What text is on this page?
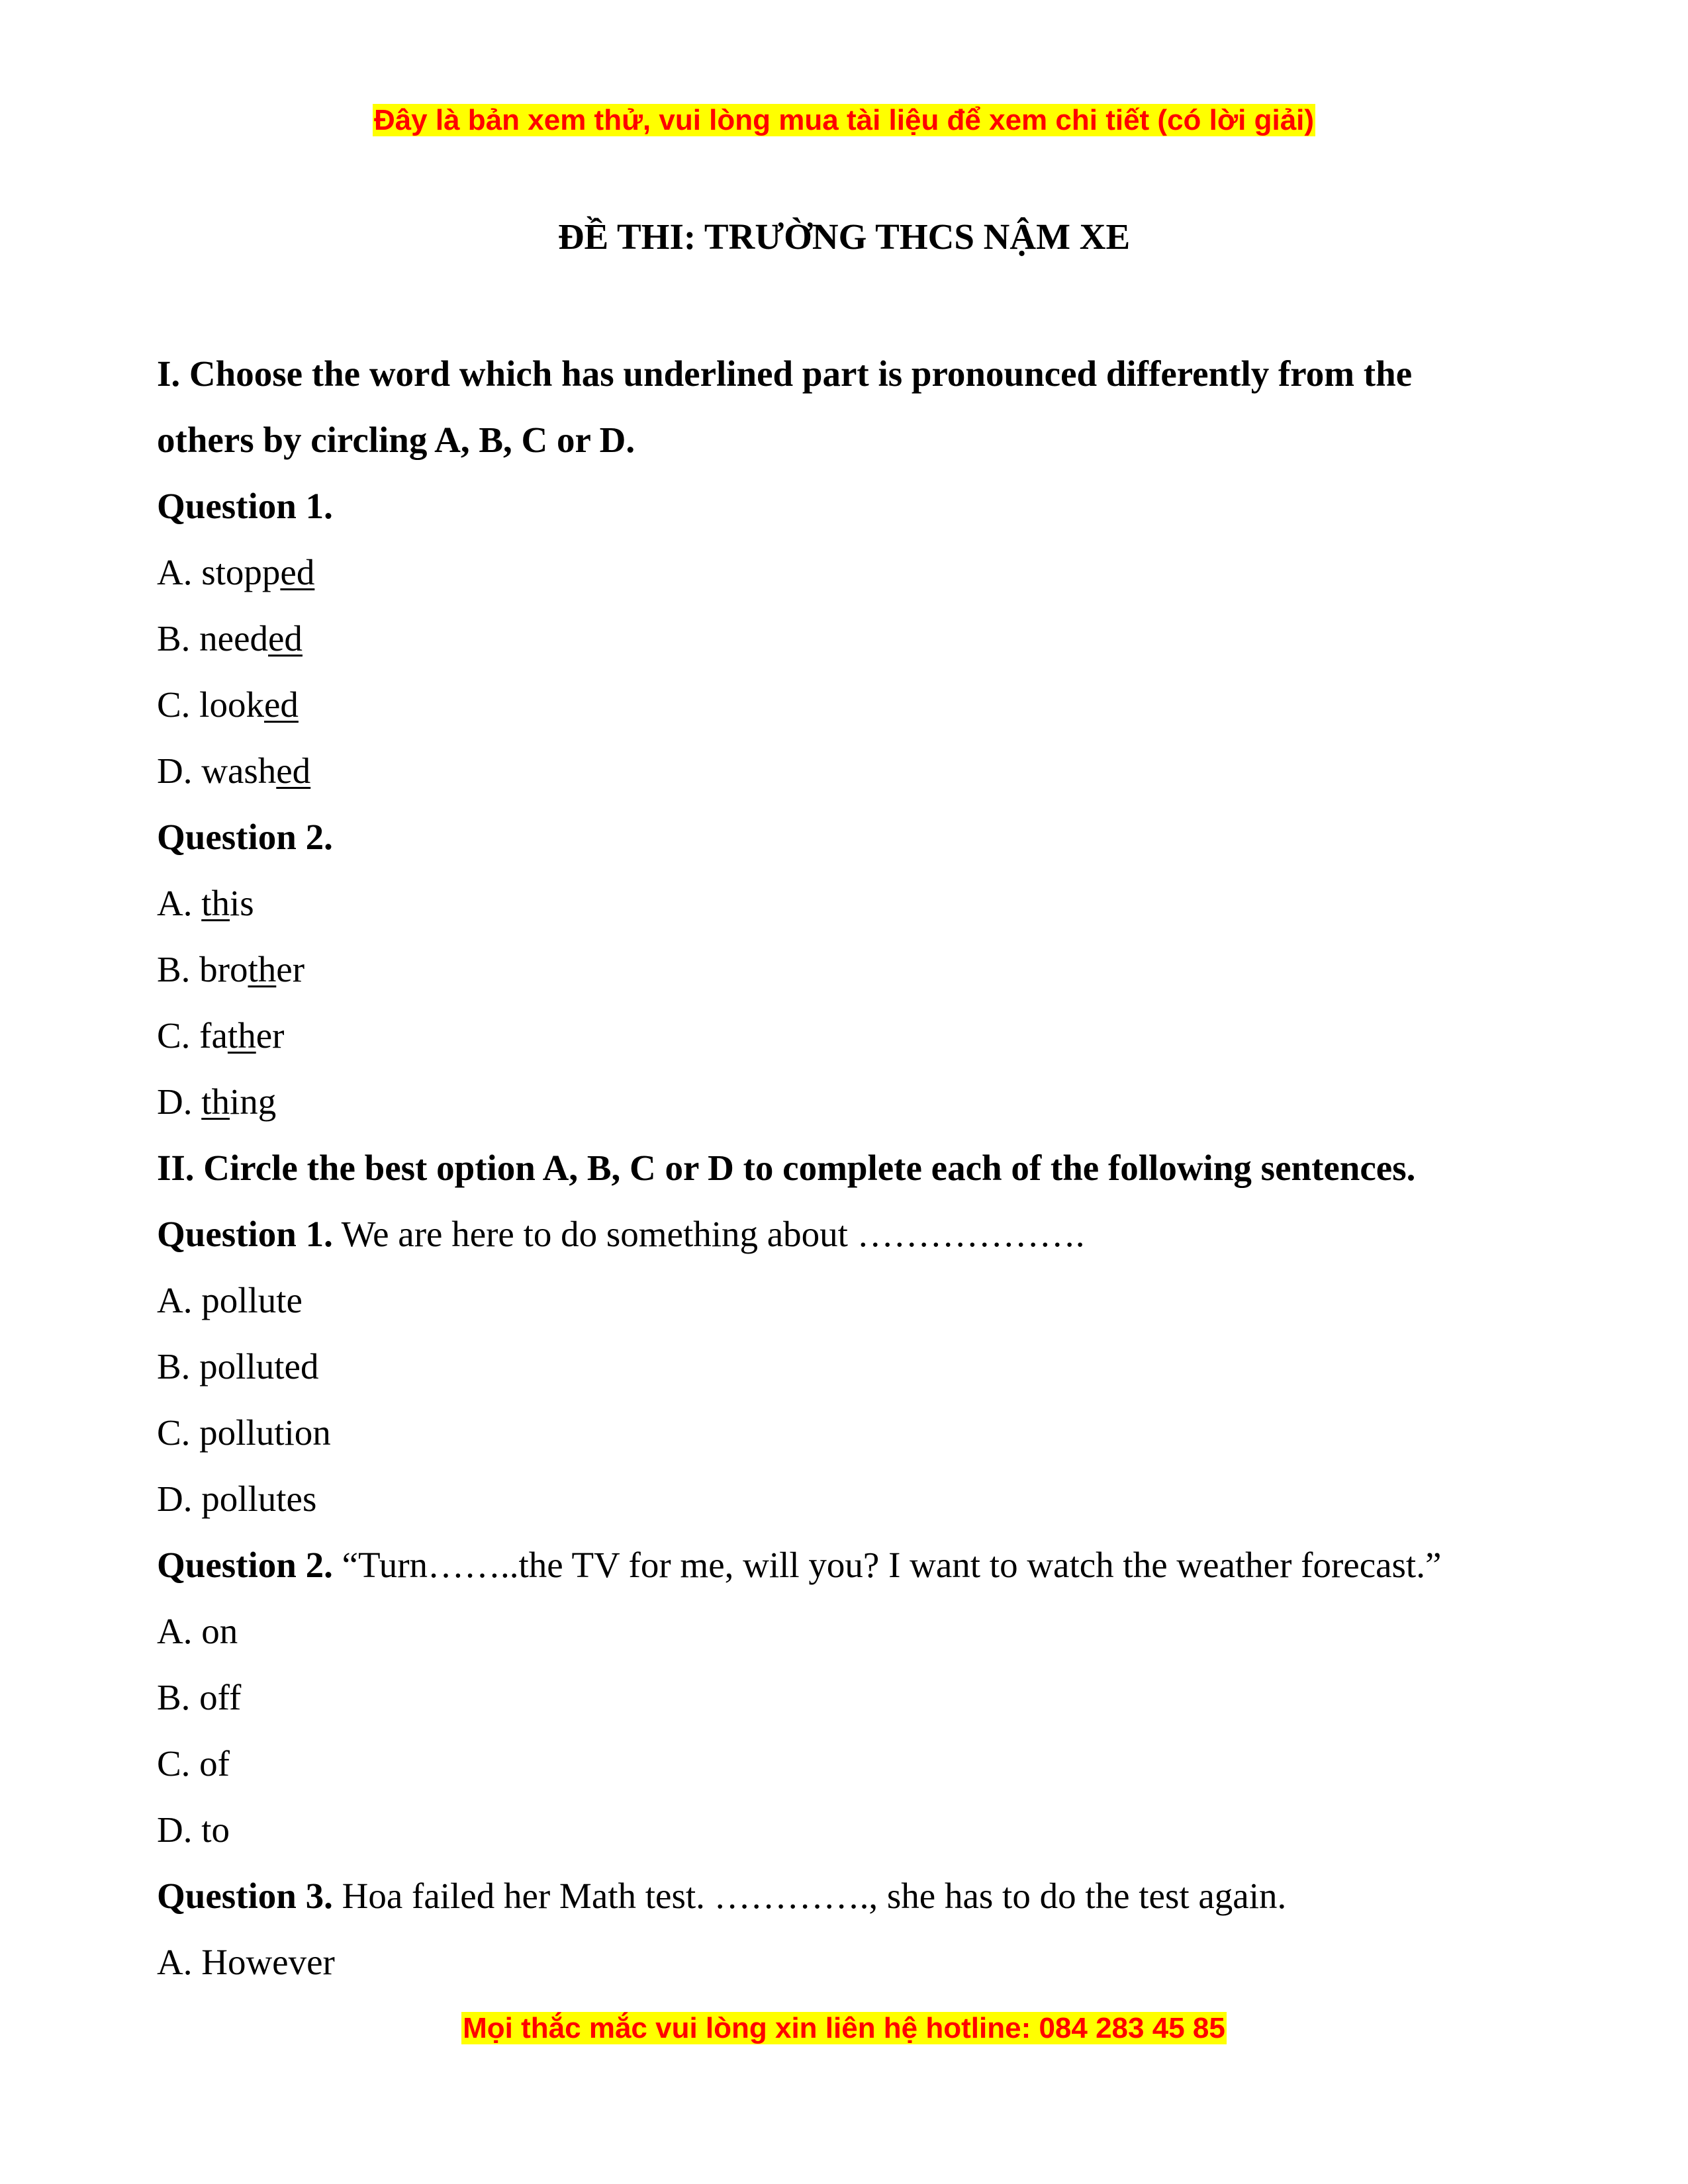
Đây là bản xem thử, vui lòng mua tài liệu để xem chi tiết (có lời giải)
ĐỀ THI: TRƯỜNG THCS NẬM XE

I. Choose the word which has underlined part is pronounced differently from the

others by circling A, B, C or D.

Question 1.

A. stopped

B. needed

C. looked

D. washed

Question 2.

A. this

B. brother

C. father

D. thing

II. Circle the best option A, B, C or D to complete each of the following sentences.

Question 1. We are here to do something about ……………….

A. pollute

B. polluted

C. pollution

D. pollutes

Question 2. “Turn……..the TV for me, will you? I want to watch the weather forecast.”

A. on

B. off

C. of

D. to

Question 3. Hoa failed her Math test. …………., she has to do the test again.

A. However

Mọi thắc mắc vui lòng xin liên hệ hotline: 084 283 45 85
